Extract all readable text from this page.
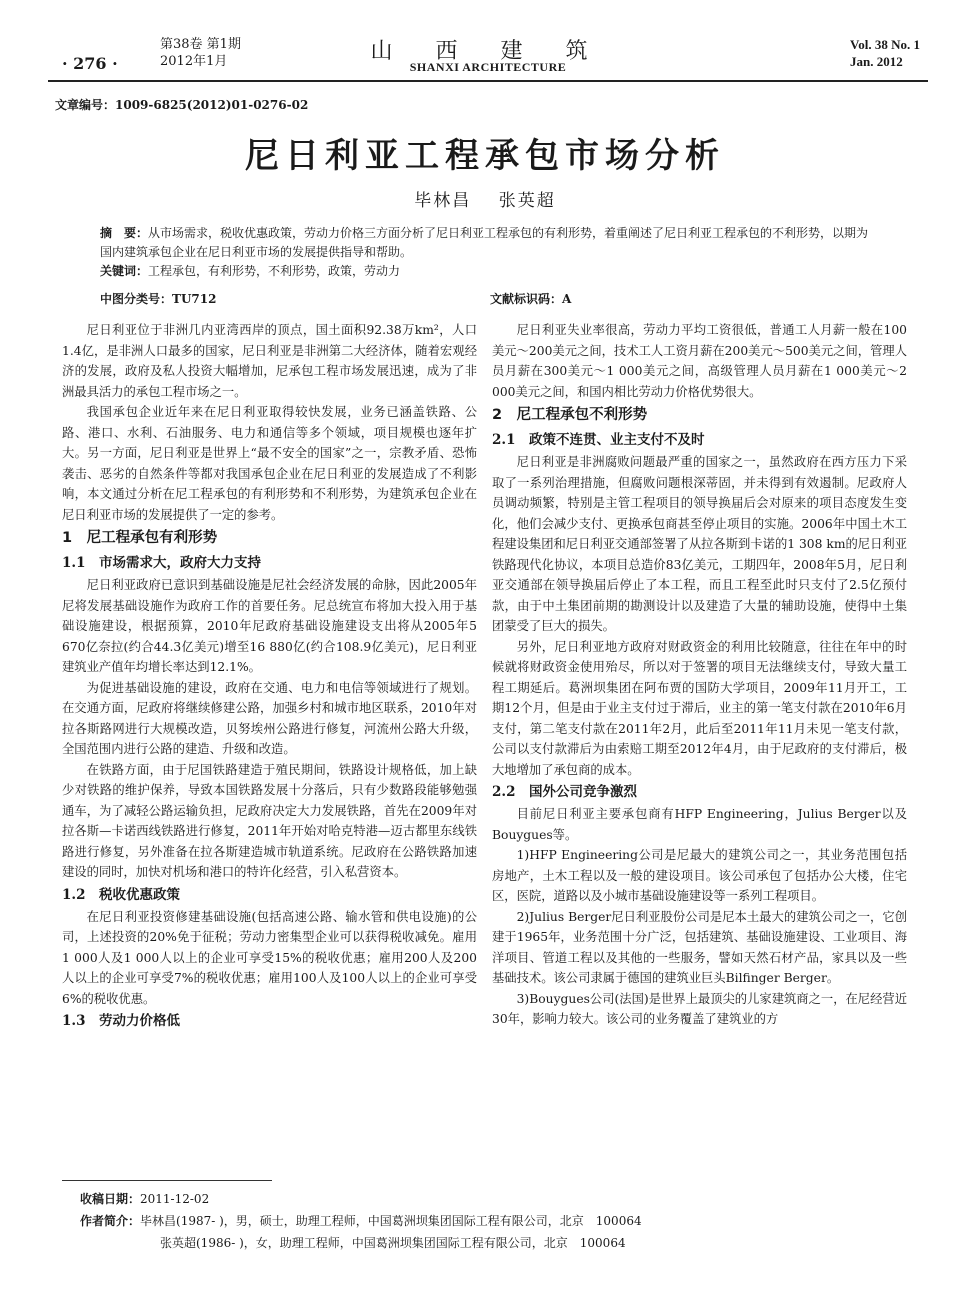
· 276 ·
第38卷 第1期
2012年1月	山 西 建 筑
SHANXI ARCHITECTURE
Vol. 38 No. 1
Jan. 2012
文章编号：1009-6825(2012)01-0276-02
尼日利亚工程承包市场分析
毕林昌 张英超
摘　要：从市场需求，税收优惠政策，劳动力价格三方面分析了尼日利亚工程承包的有利形势，着重阐述了尼日利亚工程承包的不利形势，以期为国内建筑承包企业在尼日利亚市场的发展提供指导和帮助。
关键词：工程承包，有利形势，不利形势，政策，劳动力
中图分类号：TU712	文献标识码：A

尼日利亚位于非洲几内亚湾西岸的顶点，国土面积92.38万km²，人口1.4亿，是非洲人口最多的国家，尼日利亚是非洲第二大经济体，随着宏观经济的发展，政府及私人投资大幅增加，尼承包工程市场发展迅速，成为了非洲最具活力的承包工程市场之一。

我国承包企业近年来在尼日利亚取得较快发展，业务已涵盖铁路、公路、港口、水利、石油服务、电力和通信等多个领域，项目规模也逐年扩大。另一方面，尼日利亚是世界上“最不安全的国家”之一，宗教矛盾、恐怖袭击、恶劣的自然条件等都对我国承包企业在尼日利亚的发展造成了不利影响，本文通过分析在尼工程承包的有利形势和不利形势，为建筑承包企业在尼日利亚市场的发展提供了一定的参考。

1　尼工程承包有利形势
1.1　市场需求大，政府大力支持

尼日利亚政府已意识到基础设施是尼社会经济发展的命脉，因此2005年尼将发展基础设施作为政府工作的首要任务。尼总统宣布将加大投入用于基础设施建设，根据预算，2010年尼政府基础设施建设支出将从2005年5 670亿奈拉(约合44.3亿美元)增至16 880亿(约合108.9亿美元)，尼日利亚建筑业产值年均增长率达到12.1%。

为促进基础设施的建设，政府在交通、电力和电信等领域进行了规划。在交通方面，尼政府将继续修建公路，加强乡村和城市地区联系，2010年对拉各斯路网进行大规模改造，贝努埃州公路进行修复，河流州公路大升级，全国范围内进行公路的建造、升级和改造。

在铁路方面，由于尼国铁路建造于殖民期间，铁路设计规格低，加上缺少对铁路的维护保养，导致本国铁路发展十分落后，只有少数路段能够勉强通车，为了减轻公路运输负担，尼政府决定大力发展铁路，首先在2009年对拉各斯—卡诺西线铁路进行修复，2011年开始对哈克特港—迈古都里东线铁路进行修复，另外准备在拉各斯建造城市轨道系统。尼政府在公路铁路加速建设的同时，加快对机场和港口的特许化经营，引入私营资本。

1.2　税收优惠政策

在尼日利亚投资修建基础设施(包括高速公路、输水管和供电设施)的公司，上述投资的20%免于征税；劳动力密集型企业可以获得税收减免。雇用1 000人及1 000人以上的企业可享受15%的税收优惠；雇用200人及200人以上的企业可享受7%的税收优惠；雇用100人及100人以上的企业可享受6%的税收优惠。

1.3　劳动力价格低

尼日利亚失业率很高，劳动力平均工资很低，普通工人月薪一般在100美元～200美元之间，技术工人工资月薪在200美元～500美元之间，管理人员月薪在300美元～1 000美元之间，高级管理人员月薪在1 000美元～2 000美元之间，和国内相比劳动力价格优势很大。

2　尼工程承包不利形势
2.1　政策不连贯、业主支付不及时

尼日利亚是非洲腐败问题最严重的国家之一，虽然政府在西方压力下采取了一系列治理措施，但腐败问题根深蒂固，并未得到有效遏制。尼政府人员调动频繁，特别是主管工程项目的领导换届后会对原来的项目态度发生变化，他们会减少支付、更换承包商甚至停止项目的实施。2006年中国土木工程建设集团和尼日利亚交通部签署了从拉各斯到卡诺的1 308 km的尼日利亚铁路现代化协议，本项目总造价83亿美元，工期四年，2008年5月，尼日利亚交通部在领导换届后停止了本工程，而且工程至此时只支付了2.5亿预付款，由于中土集团前期的勘测设计以及建造了大量的辅助设施，使得中土集团蒙受了巨大的损失。

另外，尼日利亚地方政府对财政资金的利用比较随意，往往在年中的时候就将财政资金使用殆尽，所以对于签署的项目无法继续支付，导致大量工程工期延后。葛洲坝集团在阿布贾的国防大学项目，2009年11月开工，工期12个月，但是由于业主支付过于滞后，业主的第一笔支付款在2010年6月支付，第二笔支付款在2011年2月，此后至2011年11月未见一笔支付款，公司以支付款滞后为由索赔工期至2012年4月，由于尼政府的支付滞后，极大地增加了承包商的成本。

2.2　国外公司竞争激烈

目前尼日利亚主要承包商有HFP Engineering，Julius Berger以及Bouygues等。

1)HFP Engineering公司是尼最大的建筑公司之一，其业务范围包括房地产，土木工程以及一般的建设项目。该公司承包了包括办公大楼，住宅区，医院，道路以及小城市基础设施建设等一系列工程项目。

2)Julius Berger尼日利亚股份公司是尼本土最大的建筑公司之一，它创建于1965年，业务范围十分广泛，包括建筑、基础设施建设、工业项目、海洋项目、管道工程以及其他的一些服务，譬如天然石材产品，家具以及一些基础技术。该公司隶属于德国的建筑业巨头Bilfinger Berger。

3)Bouygues公司(法国)是世界上最顶尖的儿家建筑商之一，在尼经营近30年，影响力较大。该公司的业务覆盖了建筑业的方

收稿日期：2011-12-02
作者简介：毕林昌(1987- )，男，硕士，助理工程师，中国葛洲坝集团国际工程有限公司，北京　100064
张英超(1986- )，女，助理工程师，中国葛洲坝集团国际工程有限公司，北京　100064
